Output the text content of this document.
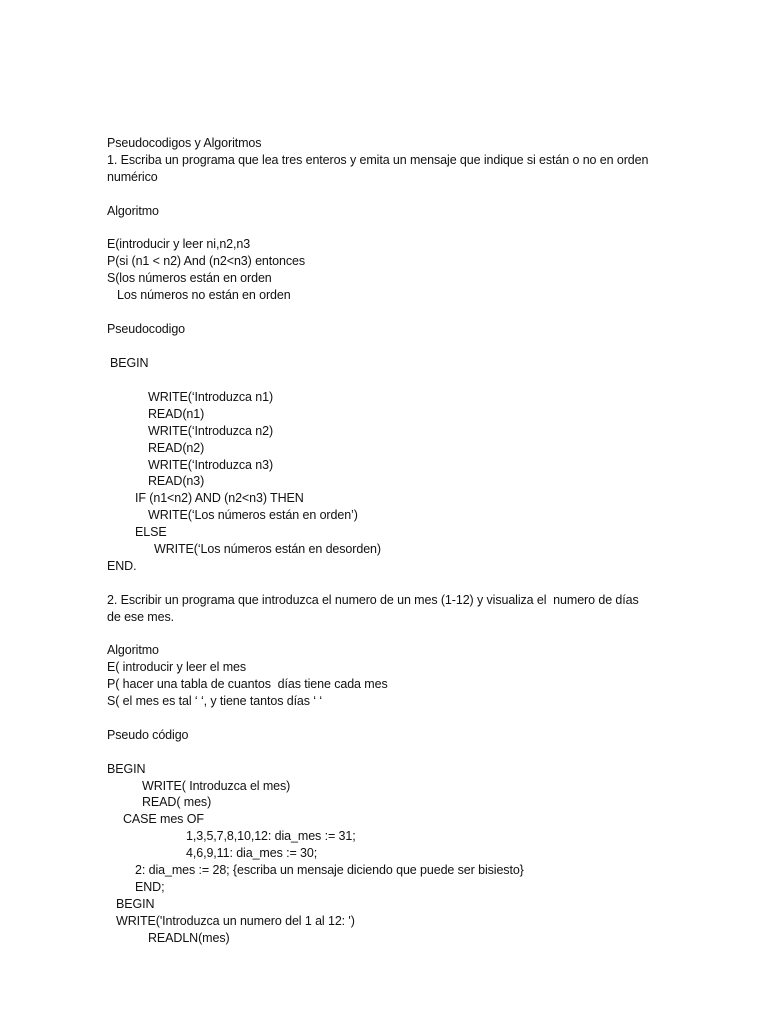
Pseudocodigos y Algoritmos
1. Escriba un programa que lea tres enteros y emita un mensaje que indique si están o no en orden
numérico
Algoritmo
E(introducir y leer ni,n2,n3
P(si (n1 < n2) And (n2<n3) entonces
S(los números están en orden
Los números no están en orden
Pseudocodigo
BEGIN
WRITE(‘Introduzca n1)
READ(n1)
WRITE(‘Introduzca n2)
READ(n2)
WRITE(‘Introduzca n3)
READ(n3)
IF (n1<n2) AND (n2<n3) THEN
WRITE(‘Los números están en orden’)
ELSE
WRITE(‘Los números están en desorden)
END.
2. Escribir un programa que introduzca el numero de un mes (1-12) y visualiza el  numero de días
de ese mes.
Algoritmo
E( introducir y leer el mes
P( hacer una tabla de cuantos  días tiene cada mes
S( el mes es tal ‘ ‘, y tiene tantos días ‘ ‘
Pseudo código
BEGIN
WRITE( Introduzca el mes)
READ( mes)
CASE mes OF
1,3,5,7,8,10,12: dia_mes := 31;
4,6,9,11: dia_mes := 30;
2: dia_mes := 28; {escriba un mensaje diciendo que puede ser bisiesto}
END;
BEGIN
WRITE('Introduzca un numero del 1 al 12: ')
READLN(mes)
